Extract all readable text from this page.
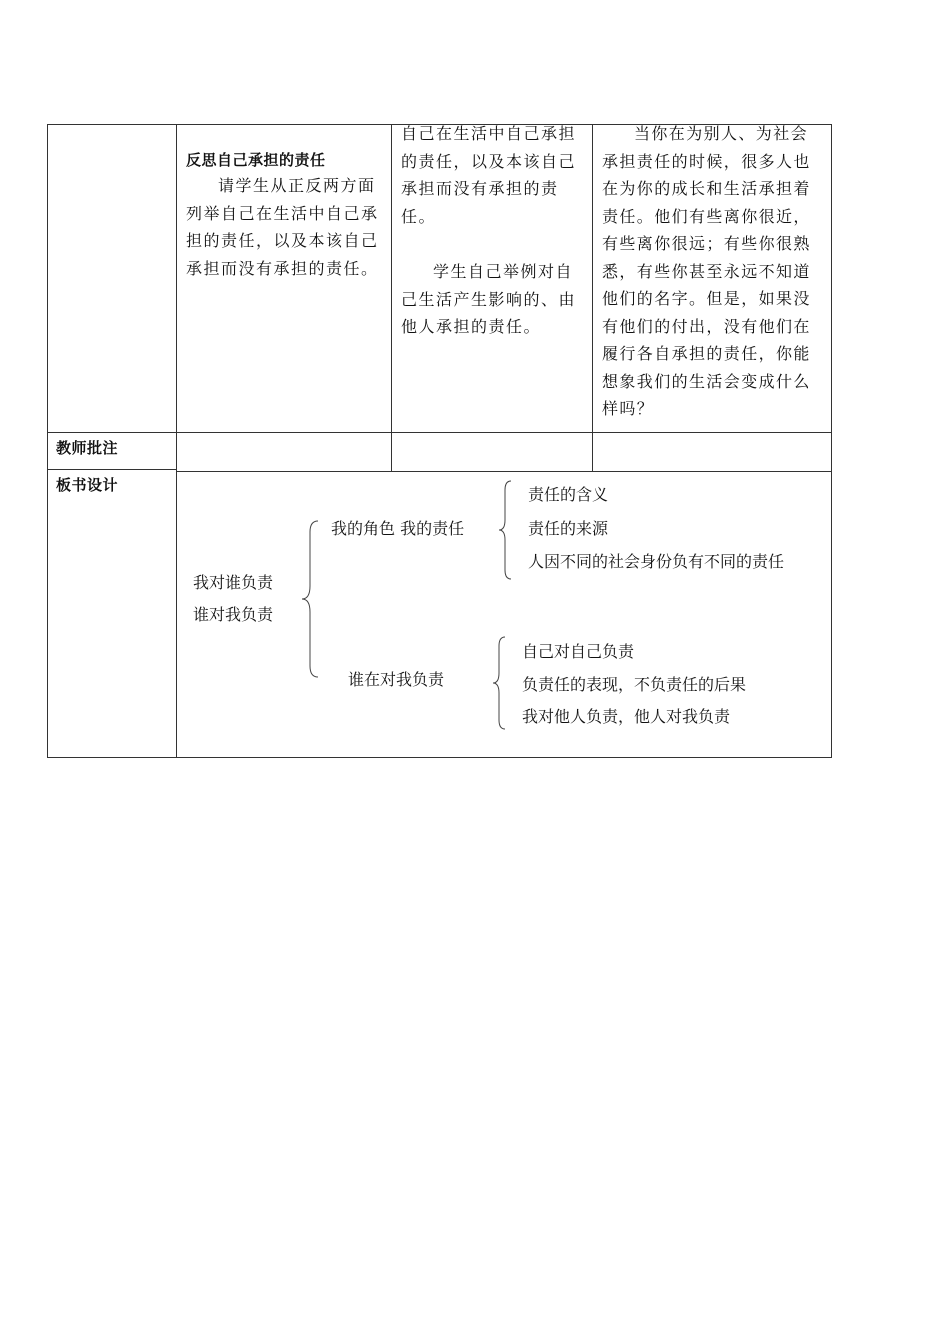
反思自己承担的责任
请学生从正反两方面列举自己在生活中自己承担的责任，以及本该自己承担而没有承担的责任。
自己在生活中自己承担的责任，以及本该自己承担而没有承担的责任。
学生自己举例对自己生活产生影响的、由他人承担的责任。
当你在为别人、为社会承担责任的时候，很多人也在为你的成长和生活承担着责任。他们有些离你很近，有些离你很远；有些你很熟悉，有些你甚至永远不知道他们的名字。但是，如果没有他们的付出，没有他们在履行各自承担的责任，你能想象我们的生活会变成什么样吗？
教师批注
板书设计
我对谁负责
谁对我负责
我的角色 我的责任
责任的含义
责任的来源
人因不同的社会身份负有不同的责任
谁在对我负责
自己对自己负责
负责任的表现，不负责任的后果
我对他人负责，他人对我负责
